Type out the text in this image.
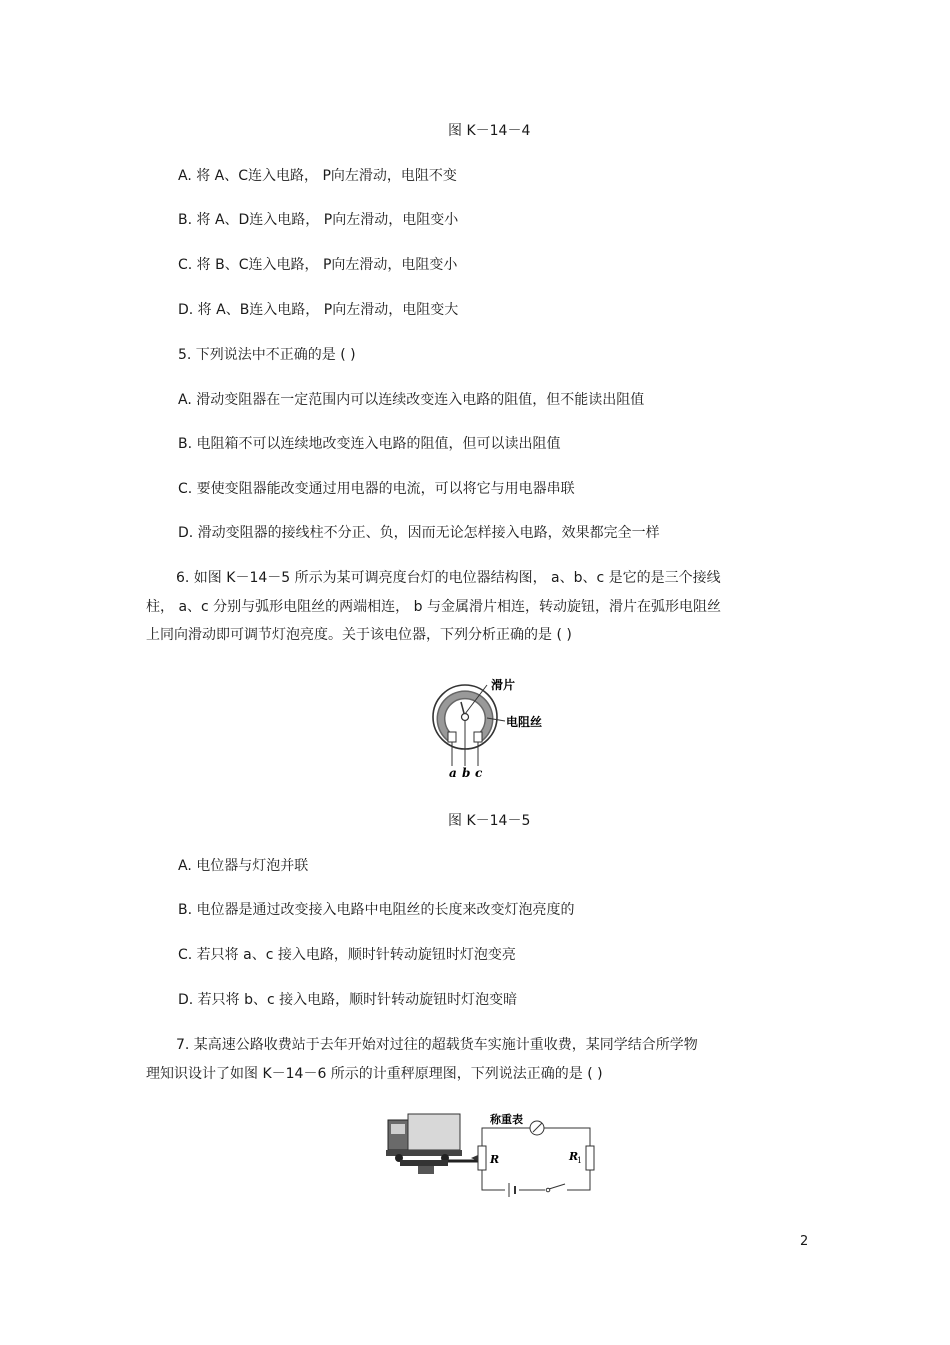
图 K－14－4
A. 将 A、C连入电路， P向左滑动，电阻不变
B. 将 A、D连入电路， P向左滑动，电阻变小
C. 将 B、C连入电路， P向左滑动，电阻变小
D. 将 A、B连入电路， P向左滑动，电阻变大
5. 下列说法中不正确的是 ( )
A. 滑动变阻器在一定范围内可以连续改变连入电路的阻值，但不能读出阻值
B. 电阻箱不可以连续地改变连入电路的阻值，但可以读出阻值
C. 要使变阻器能改变通过用电器的电流，可以将它与用电器串联
D. 滑动变阻器的接线柱不分正、负，因而无论怎样接入电路，效果都完全一样
6. 如图 K－14－5 所示为某可调亮度台灯的电位器结构图， a、b、c 是它的是三个接线
柱， a、c 分别与弧形电阻丝的两端相连， b 与金属滑片相连，转动旋钮，滑片在弧形电阻丝
上同向滑动即可调节灯泡亮度。关于该电位器，下列分析正确的是 ( )
滑片
电阻丝
a b c
图 K－14－5
A. 电位器与灯泡并联
B. 电位器是通过改变接入电路中电阻丝的长度来改变灯泡亮度的
C. 若只将 a、c 接入电路，顺时针转动旋钮时灯泡变亮
D. 若只将 b、c 接入电路，顺时针转动旋钮时灯泡变暗
7. 某高速公路收费站于去年开始对过往的超载货车实施计重收费，某同学结合所学物
理知识设计了如图 K－14－6 所示的计重秤原理图，下列说法正确的是 ( )
称重表
R	R
1
2
